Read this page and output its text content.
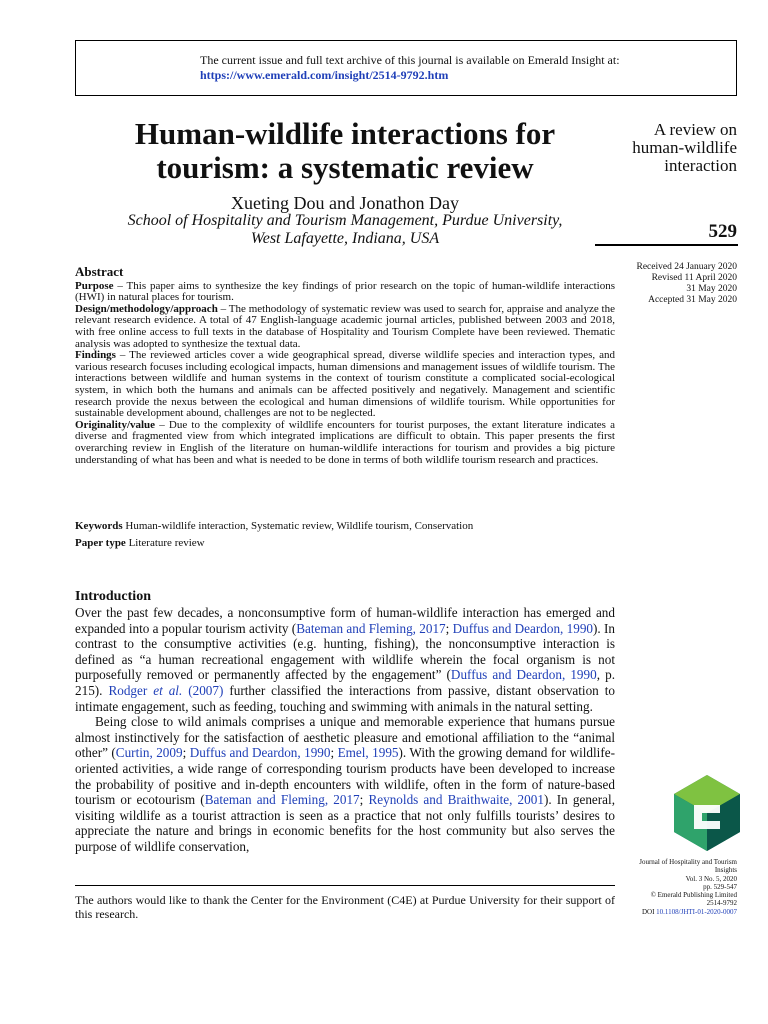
The current issue and full text archive of this journal is available on Emerald Insight at:
https://www.emerald.com/insight/2514-9792.htm
Human-wildlife interactions for
tourism: a systematic review
Xueting Dou and Jonathon Day
School of Hospitality and Tourism Management, Purdue University,
West Lafayette, Indiana, USA
A review on
human-wildlife
interaction
529
Received 24 January 2020
Revised 11 April 2020
31 May 2020
Accepted 31 May 2020
Abstract

Purpose – This paper aims to synthesize the key findings of prior research on the topic of human-wildlife interactions (HWI) in natural places for tourism.

Design/methodology/approach – The methodology of systematic review was used to search for, appraise and analyze the relevant research evidence. A total of 47 English-language academic journal articles, published between 2003 and 2018, with free online access to full texts in the database of Hospitality and Tourism Complete have been reviewed. Thematic analysis was adopted to synthesize the textual data.

Findings – The reviewed articles cover a wide geographical spread, diverse wildlife species and interaction types, and various research focuses including ecological impacts, human dimensions and management issues of wildlife tourism. The interactions between wildlife and human systems in the context of tourism constitute a complicated social-ecological system, in which both the humans and animals can be affected positively and negatively. Management and scientific research provide the nexus between the ecological and human dimensions of wildlife tourism. While opportunities for sustainable development abound, challenges are not to be neglected.

Originality/value – Due to the complexity of wildlife encounters for tourist purposes, the extant literature indicates a diverse and fragmented view from which integrated implications are difficult to obtain. This paper presents the first overarching review in English of the literature on human-wildlife interactions for tourism and provides a big picture understanding of what has been and what is needed to be done in terms of both wildlife tourism research and practices.

Keywords Human-wildlife interaction, Systematic review, Wildlife tourism, Conservation
Paper type Literature review
Introduction

Over the past few decades, a nonconsumptive form of human-wildlife interaction has emerged and expanded into a popular tourism activity (Bateman and Fleming, 2017; Duffus and Deardon, 1990). In contrast to the consumptive activities (e.g. hunting, fishing), the nonconsumptive interaction is defined as “a human recreational engagement with wildlife wherein the focal organism is not purposefully removed or permanently affected by the engagement” (Duffus and Deardon, 1990, p. 215). Rodger et al. (2007) further classified the interactions from passive, distant observation to intimate engagement, such as feeding, touching and swimming with animals in the natural setting.

Being close to wild animals comprises a unique and memorable experience that humans pursue almost instinctively for the satisfaction of aesthetic pleasure and emotional affiliation to the “animal other” (Curtin, 2009; Duffus and Deardon, 1990; Emel, 1995). With the growing demand for wildlife-oriented activities, a wide range of corresponding tourism products have been developed to increase the probability of positive and in-depth encounters with wildlife, often in the form of nature-based tourism or ecotourism (Bateman and Fleming, 2017; Reynolds and Braithwaite, 2001). In general, visiting wildlife as a tourist attraction is seen as a practice that not only fulfills tourists’ desires to appreciate the nature and brings in economic benefits for the host community but also serves the purpose of wildlife conservation,

The authors would like to thank the Center for the Environment (C4E) at Purdue University for their support of this research.
Journal of Hospitality and Tourism
Insights
Vol. 3 No. 5, 2020
pp. 529-547
© Emerald Publishing Limited
2514-9792
DOI 10.1108/JHTI-01-2020-0007
